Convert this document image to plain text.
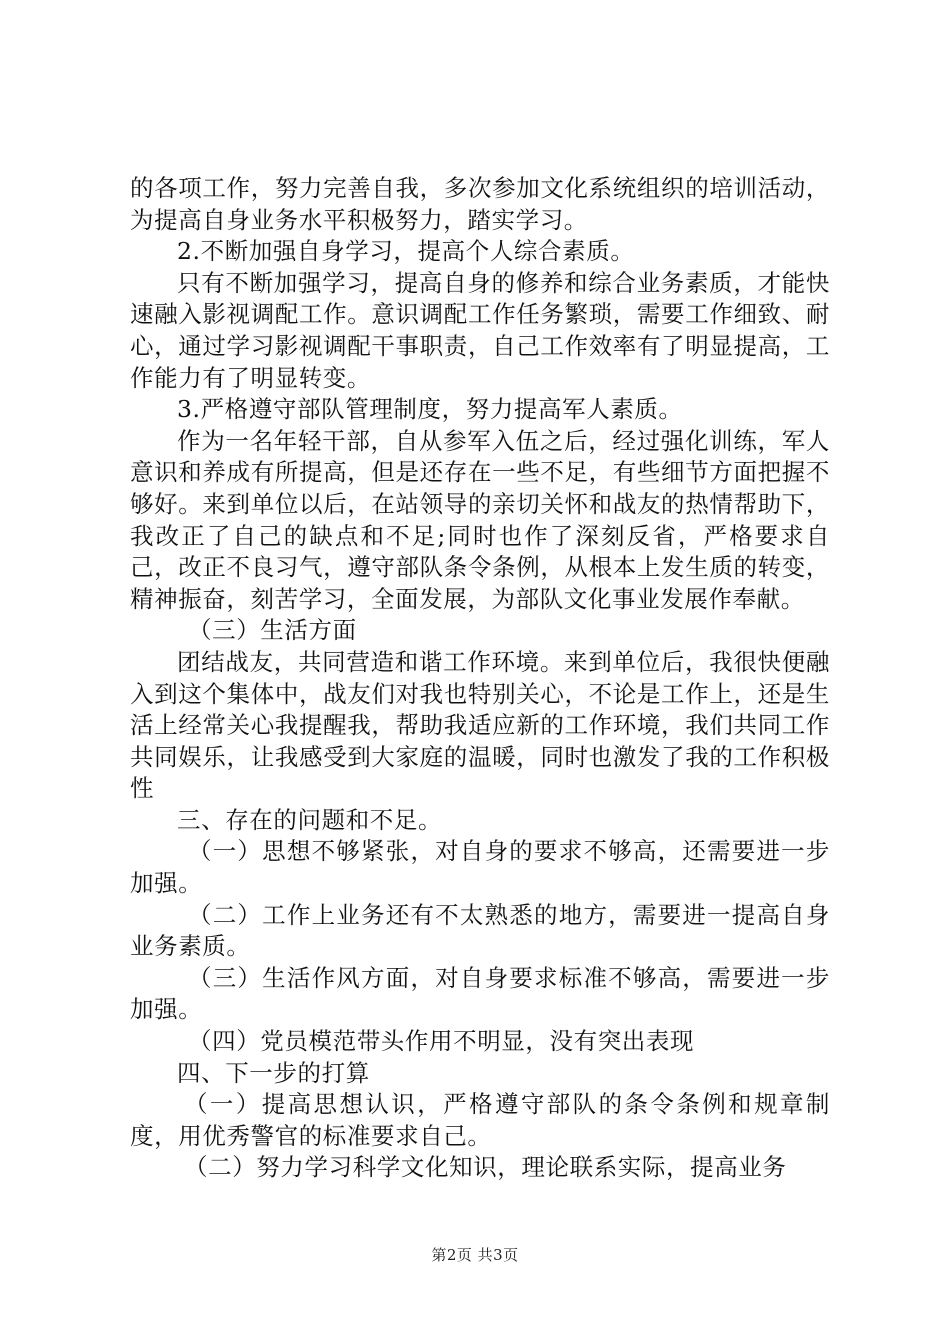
的各项工作，努力完善自我，多次参加文化系统组织的培训活动，为提高自身业务水平积极努力，踏实学习。

2.不断加强自身学习，提高个人综合素质。

只有不断加强学习，提高自身的修养和综合业务素质，才能快速融入影视调配工作。意识调配工作任务繁琐，需要工作细致、耐心，通过学习影视调配干事职责，自己工作效率有了明显提高，工作能力有了明显转变。

3.严格遵守部队管理制度，努力提高军人素质。

作为一名年轻干部，自从参军入伍之后，经过强化训练，军人意识和养成有所提高，但是还存在一些不足，有些细节方面把握不够好。来到单位以后，在站领导的亲切关怀和战友的热情帮助下，我改正了自己的缺点和不足;同时也作了深刻反省，严格要求自己，改正不良习气，遵守部队条令条例，从根本上发生质的转变，精神振奋，刻苦学习，全面发展，为部队文化事业发展作奉献。

（三）生活方面

团结战友，共同营造和谐工作环境。来到单位后，我很快便融入到这个集体中，战友们对我也特别关心，不论是工作上，还是生活上经常关心我提醒我，帮助我适应新的工作环境，我们共同工作共同娱乐，让我感受到大家庭的温暖，同时也激发了我的工作积极性

三、存在的问题和不足。

（一）思想不够紧张，对自身的要求不够高，还需要进一步加强。

（二）工作上业务还有不太熟悉的地方，需要进一提高自身业务素质。

（三）生活作风方面，对自身要求标准不够高，需要进一步加强。

（四）党员模范带头作用不明显，没有突出表现

四、下一步的打算

（一）提高思想认识，严格遵守部队的条令条例和规章制度，用优秀警官的标准要求自己。

（二）努力学习科学文化知识，理论联系实际，提高业务

第2页 共3页
